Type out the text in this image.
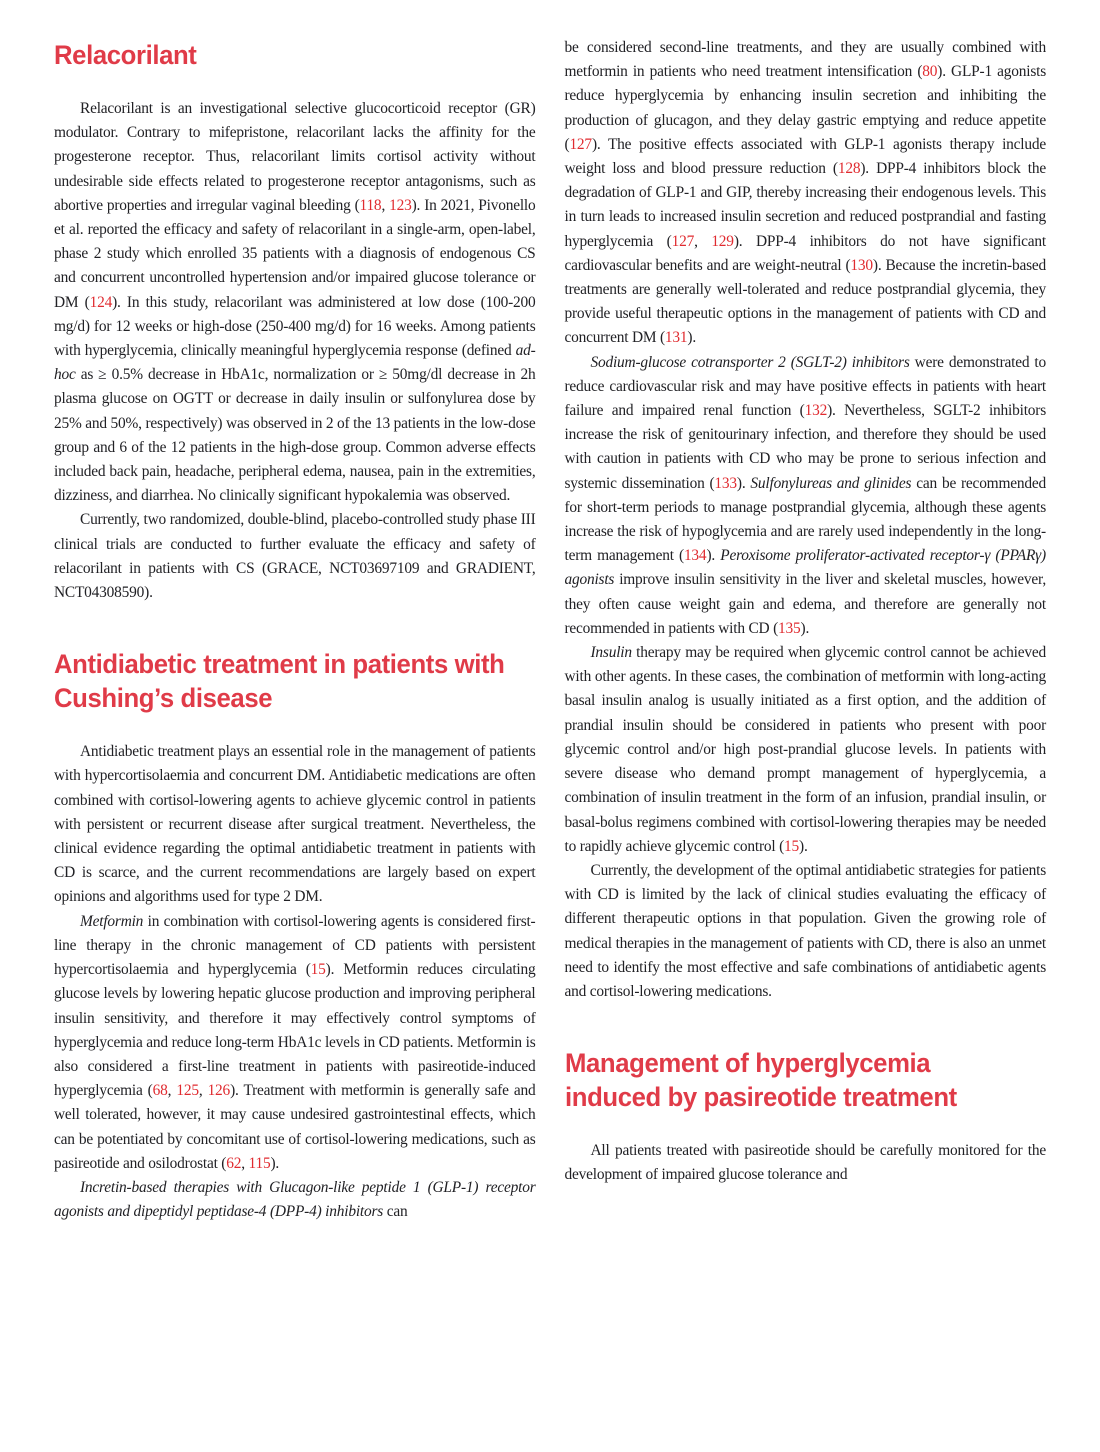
Relacorilant

Relacorilant is an investigational selective glucocorticoid receptor (GR) modulator. Contrary to mifepristone, relacorilant lacks the affinity for the progesterone receptor. Thus, relacorilant limits cortisol activity without undesirable side effects related to progesterone receptor antagonisms, such as abortive properties and irregular vaginal bleeding (118, 123). In 2021, Pivonello et al. reported the efficacy and safety of relacorilant in a single-arm, open-label, phase 2 study which enrolled 35 patients with a diagnosis of endogenous CS and concurrent uncontrolled hypertension and/or impaired glucose tolerance or DM (124). In this study, relacorilant was administered at low dose (100-200 mg/d) for 12 weeks or high-dose (250-400 mg/d) for 16 weeks. Among patients with hyperglycemia, clinically meaningful hyperglycemia response (defined ad-hoc as ≥ 0.5% decrease in HbA1c, normalization or ≥ 50mg/dl decrease in 2h plasma glucose on OGTT or decrease in daily insulin or sulfonylurea dose by 25% and 50%, respectively) was observed in 2 of the 13 patients in the low-dose group and 6 of the 12 patients in the high-dose group. Common adverse effects included back pain, headache, peripheral edema, nausea, pain in the extremities, dizziness, and diarrhea. No clinically significant hypokalemia was observed.

Currently, two randomized, double-blind, placebo-controlled study phase III clinical trials are conducted to further evaluate the efficacy and safety of relacorilant in patients with CS (GRACE, NCT03697109 and GRADIENT, NCT04308590).

Antidiabetic treatment in patients with Cushing’s disease

Antidiabetic treatment plays an essential role in the management of patients with hypercortisolaemia and concurrent DM. Antidiabetic medications are often combined with cortisol-lowering agents to achieve glycemic control in patients with persistent or recurrent disease after surgical treatment. Nevertheless, the clinical evidence regarding the optimal antidiabetic treatment in patients with CD is scarce, and the current recommendations are largely based on expert opinions and algorithms used for type 2 DM.

Metformin in combination with cortisol-lowering agents is considered first-line therapy in the chronic management of CD patients with persistent hypercortisolaemia and hyperglycemia (15). Metformin reduces circulating glucose levels by lowering hepatic glucose production and improving peripheral insulin sensitivity, and therefore it may effectively control symptoms of hyperglycemia and reduce long-term HbA1c levels in CD patients. Metformin is also considered a first-line treatment in patients with pasireotide-induced hyperglycemia (68, 125, 126). Treatment with metformin is generally safe and well tolerated, however, it may cause undesired gastrointestinal effects, which can be potentiated by concomitant use of cortisol-lowering medications, such as pasireotide and osilodrostat (62, 115).

Incretin-based therapies with Glucagon-like peptide 1 (GLP-1) receptor agonists and dipeptidyl peptidase-4 (DPP-4) inhibitors can

be considered second-line treatments, and they are usually combined with metformin in patients who need treatment intensification (80). GLP-1 agonists reduce hyperglycemia by enhancing insulin secretion and inhibiting the production of glucagon, and they delay gastric emptying and reduce appetite (127). The positive effects associated with GLP-1 agonists therapy include weight loss and blood pressure reduction (128). DPP-4 inhibitors block the degradation of GLP-1 and GIP, thereby increasing their endogenous levels. This in turn leads to increased insulin secretion and reduced postprandial and fasting hyperglycemia (127, 129). DPP-4 inhibitors do not have significant cardiovascular benefits and are weight-neutral (130). Because the incretin-based treatments are generally well-tolerated and reduce postprandial glycemia, they provide useful therapeutic options in the management of patients with CD and concurrent DM (131).

Sodium-glucose cotransporter 2 (SGLT-2) inhibitors were demonstrated to reduce cardiovascular risk and may have positive effects in patients with heart failure and impaired renal function (132). Nevertheless, SGLT-2 inhibitors increase the risk of genitourinary infection, and therefore they should be used with caution in patients with CD who may be prone to serious infection and systemic dissemination (133). Sulfonylureas and glinides can be recommended for short-term periods to manage postprandial glycemia, although these agents increase the risk of hypoglycemia and are rarely used independently in the long-term management (134). Peroxisome proliferator-activated receptor-γ (PPARγ) agonists improve insulin sensitivity in the liver and skeletal muscles, however, they often cause weight gain and edema, and therefore are generally not recommended in patients with CD (135).

Insulin therapy may be required when glycemic control cannot be achieved with other agents. In these cases, the combination of metformin with long-acting basal insulin analog is usually initiated as a first option, and the addition of prandial insulin should be considered in patients who present with poor glycemic control and/or high post-prandial glucose levels. In patients with severe disease who demand prompt management of hyperglycemia, a combination of insulin treatment in the form of an infusion, prandial insulin, or basal-bolus regimens combined with cortisol-lowering therapies may be needed to rapidly achieve glycemic control (15).

Currently, the development of the optimal antidiabetic strategies for patients with CD is limited by the lack of clinical studies evaluating the efficacy of different therapeutic options in that population. Given the growing role of medical therapies in the management of patients with CD, there is also an unmet need to identify the most effective and safe combinations of antidiabetic agents and cortisol-lowering medications.

Management of hyperglycemia induced by pasireotide treatment

All patients treated with pasireotide should be carefully monitored for the development of impaired glucose tolerance and
